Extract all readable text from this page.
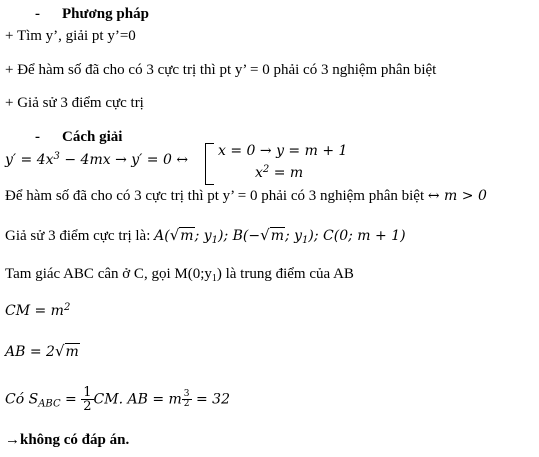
- Phương pháp
+ Tìm y’, giải pt y’=0
+ Để hàm số đã cho có 3 cực trị thì pt y’ = 0 phải có 3 nghiệm phân biệt
+ Giả sử 3 điểm cực trị
- Cách giải
$y' = 4x^3 - 4mx \to y' = 0$ ↔
x = 0 → y = m + 1
$x^2 = m$
Để hàm số đã cho có 3 cực trị thì pt y’ = 0 phải có 3 nghiệm phân biệt ↔ m > 0
Giả sử 3 điểm cực trị là: A(√m; $y_1$); B(−√m; $y_1$); C(0; m + 1)
Tam giác ABC cân ở C, gọi $M(0;y_1)$ là trung điểm của AB
CM = $m^2$
AB = 2√m
Có $S_{ABC} = \frac{1}{2}$ CM. AB = m $\frac{3}{2} = 32$
→không có đáp án.
